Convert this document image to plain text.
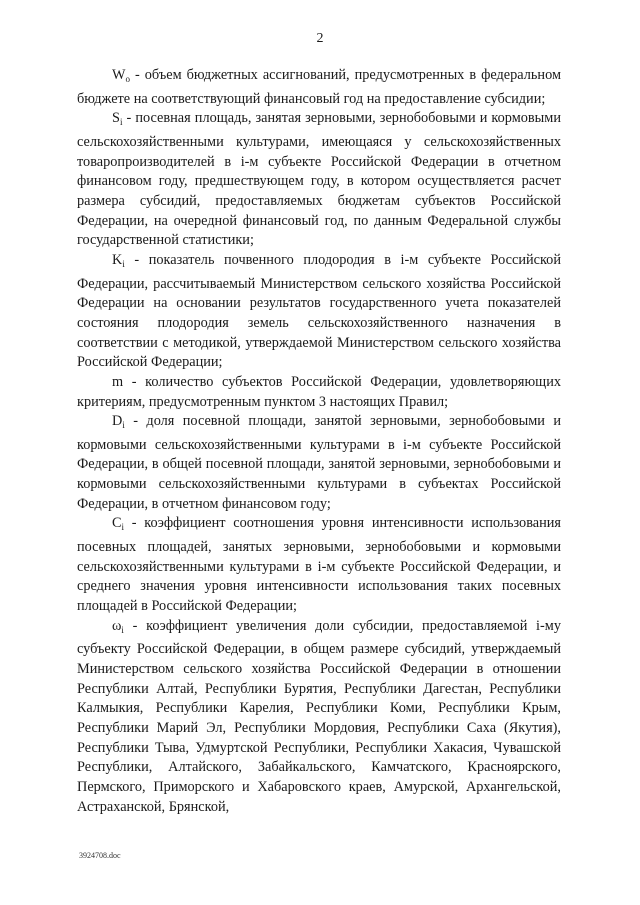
2

$W_o$ - объем бюджетных ассигнований, предусмотренных в федеральном бюджете на соответствующий финансовый год на предоставление субсидии;

$S_i$ - посевная площадь, занятая зерновыми, зернобобовыми и кормовыми сельскохозяйственными культурами, имеющаяся у сельскохозяйственных товаропроизводителей в i-м субъекте Российской Федерации в отчетном финансовом году, предшествующем году, в котором осуществляется расчет размера субсидий, предоставляемых бюджетам субъектов Российской Федерации, на очередной финансовый год, по данным Федеральной службы государственной статистики;

$K_i$ - показатель почвенного плодородия в i-м субъекте Российской Федерации, рассчитываемый Министерством сельского хозяйства Российской Федерации на основании результатов государственного учета показателей состояния плодородия земель сельскохозяйственного назначения в соответствии с методикой, утверждаемой Министерством сельского хозяйства Российской Федерации;

m - количество субъектов Российской Федерации, удовлетворяющих критериям, предусмотренным пунктом 3 настоящих Правил;

$D_i$ - доля посевной площади, занятой зерновыми, зернобобовыми и кормовыми сельскохозяйственными культурами в i-м субъекте Российской Федерации, в общей посевной площади, занятой зерновыми, зернобобовыми и кормовыми сельскохозяйственными культурами в субъектах Российской Федерации, в отчетном финансовом году;

$C_i$ - коэффициент соотношения уровня интенсивности использования посевных площадей, занятых зерновыми, зернобобовыми и кормовыми сельскохозяйственными культурами в i-м субъекте Российской Федерации, и среднего значения уровня интенсивности использования таких посевных площадей в Российской Федерации;

$\omega_i$ - коэффициент увеличения доли субсидии, предоставляемой i-му субъекту Российской Федерации, в общем размере субсидий, утверждаемый Министерством сельского хозяйства Российской Федерации в отношении Республики Алтай, Республики Бурятия, Республики Дагестан, Республики Калмыкия, Республики Карелия, Республики Коми, Республики Крым, Республики Марий Эл, Республики Мордовия, Республики Саха (Якутия), Республики Тыва, Удмуртской Республики, Республики Хакасия, Чувашской Республики, Алтайского, Забайкальского, Камчатского, Красноярского, Пермского, Приморского и Хабаровского краев, Амурской, Архангельской, Астраханской, Брянской,

3924708.doc
